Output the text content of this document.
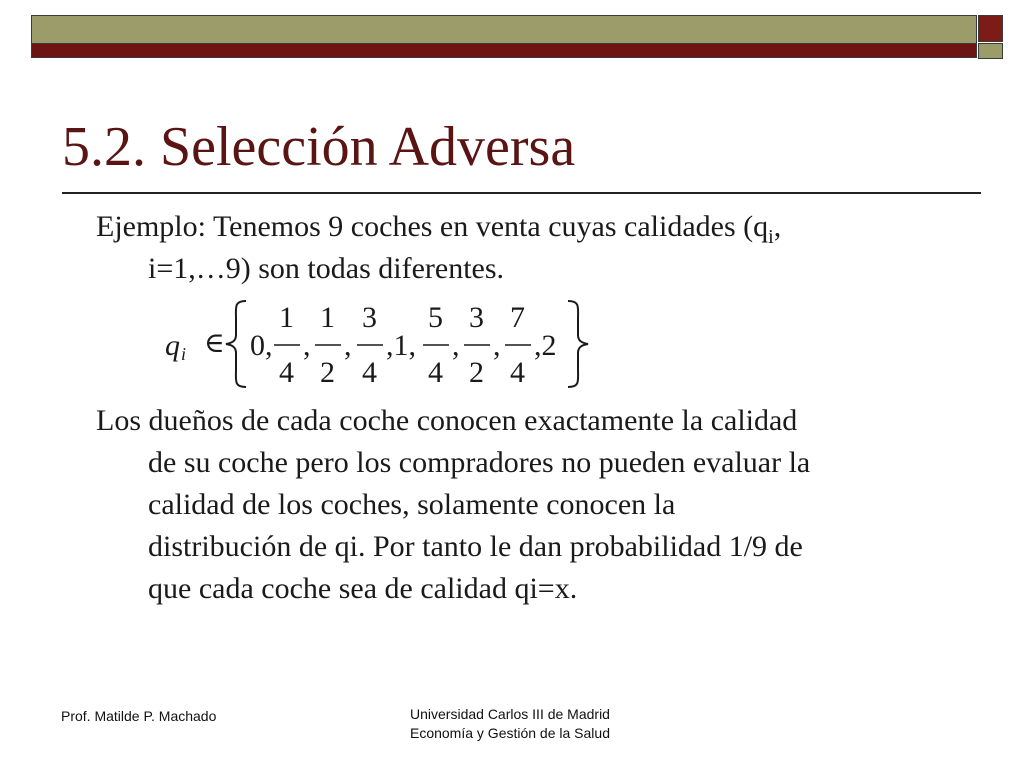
5.2. Selección Adversa
Ejemplo: Tenemos 9 coches en venta cuyas calidades ($q_i$,
i=1,…9) son todas diferentes.
q i ∈ 0,
1
4
,
1
2
,
3
4
,1,
5
4
,
3
2
,
7
4
,2
Los dueños de cada coche conocen exactamente la calidad
de su coche pero los compradores no pueden evaluar la
calidad de los coches, solamente conocen la
distribución de qi. Por tanto le dan probabilidad 1/9 de
que cada coche sea de calidad qi=x.
Prof. Matilde P. Machado	Universidad Carlos III de Madrid
Economía y Gestión de la Salud
